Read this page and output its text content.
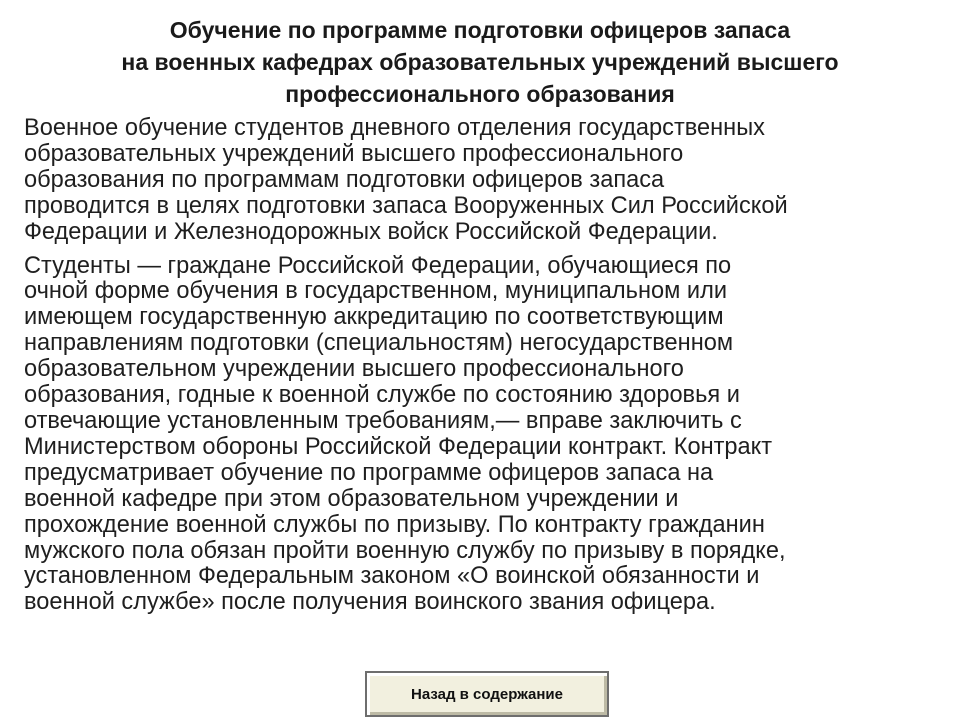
Обучение по программе подготовки офицеров запаса
на военных кафедрах образовательных учреждений высшего
профессионального образования

Военное обучение студентов дневного отделения государственных
образовательных учреждений высшего профессионального
образования по программам подготовки офицеров запаса
проводится в целях подготовки запаса Вооруженных Сил Российской
Федерации и Железнодорожных войск Российской Федерации.

Студенты — граждане Российской Федерации, обучающиеся по
очной форме обучения в государственном, муниципальном или
имеющем государственную аккредитацию по соответствующим
направлениям подготовки (специальностям) негосударственном
образовательном учреждении высшего профессионального
образования, годные к военной службе по состоянию здоровья и
отвечающие установленным требованиям,— вправе заключить с
Министерством обороны Российской Федерации контракт. Контракт
предусматривает обучение по программе офицеров запаса на
военной кафедре при этом образовательном учреждении и
прохождение военной службы по призыву. По контракту гражданин
мужского пола обязан пройти военную службу по призыву в порядке,
установленном Федеральным законом «О воинской обязанности и
военной службе» после получения воинского звания офицера.

Назад в содержание
